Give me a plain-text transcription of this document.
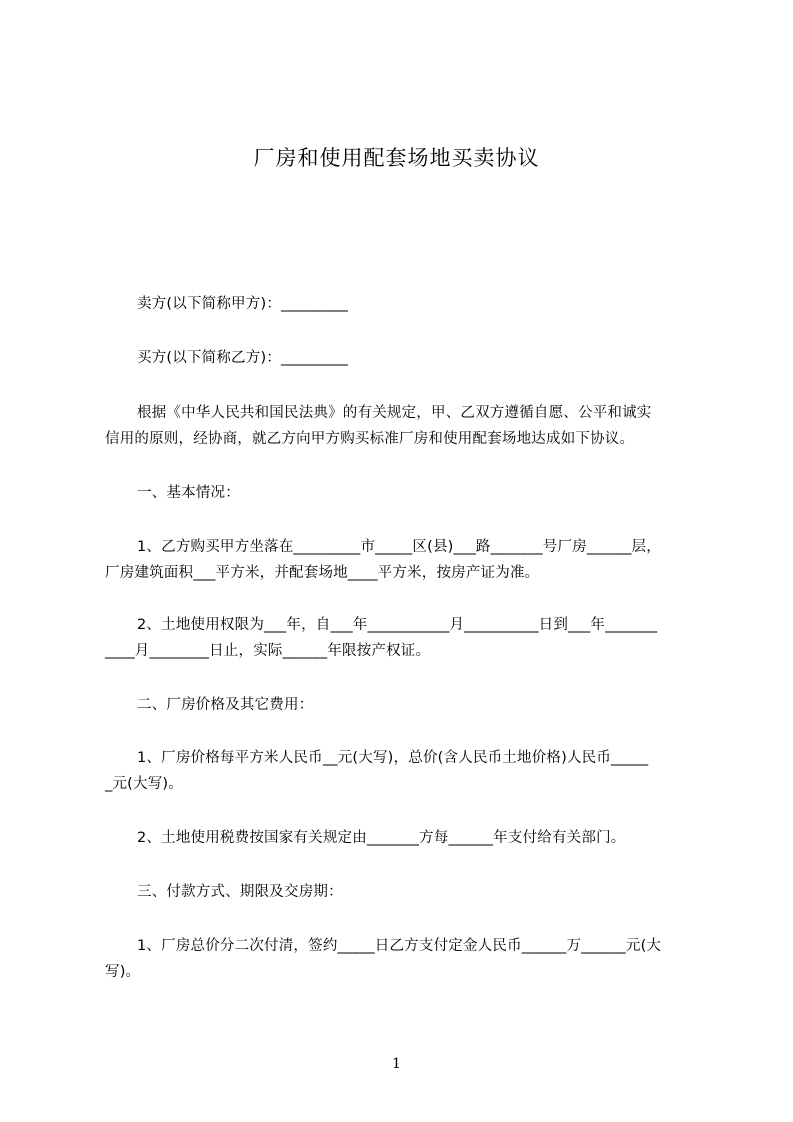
厂房和使用配套场地买卖协议
卖方(以下简称甲方)：_________
买方(以下简称乙方)：_________
根据《中华人民共和国民法典》的有关规定，甲、乙双方遵循自愿、公平和诚实
信用的原则，经协商，就乙方向甲方购买标准厂房和使用配套场地达成如下协议。
一、基本情况：
1、乙方购买甲方坐落在_________市_____区(县)___路_______号厂房______层，
厂房建筑面积___平方米，并配套场地____平方米，按房产证为准。
2、土地使用权限为___年，自___年___________月__________日到___年_______
____月________日止，实际______年限按产权证。
二、厂房价格及其它费用：
1、厂房价格每平方米人民币__元(大写)，总价(含人民币土地价格)人民币_____
_元(大写)。
2、土地使用税费按国家有关规定由_______方每______年支付给有关部门。
三、付款方式、期限及交房期：
1、厂房总价分二次付清，签约_____日乙方支付定金人民币______万______元(大
写)。
1
